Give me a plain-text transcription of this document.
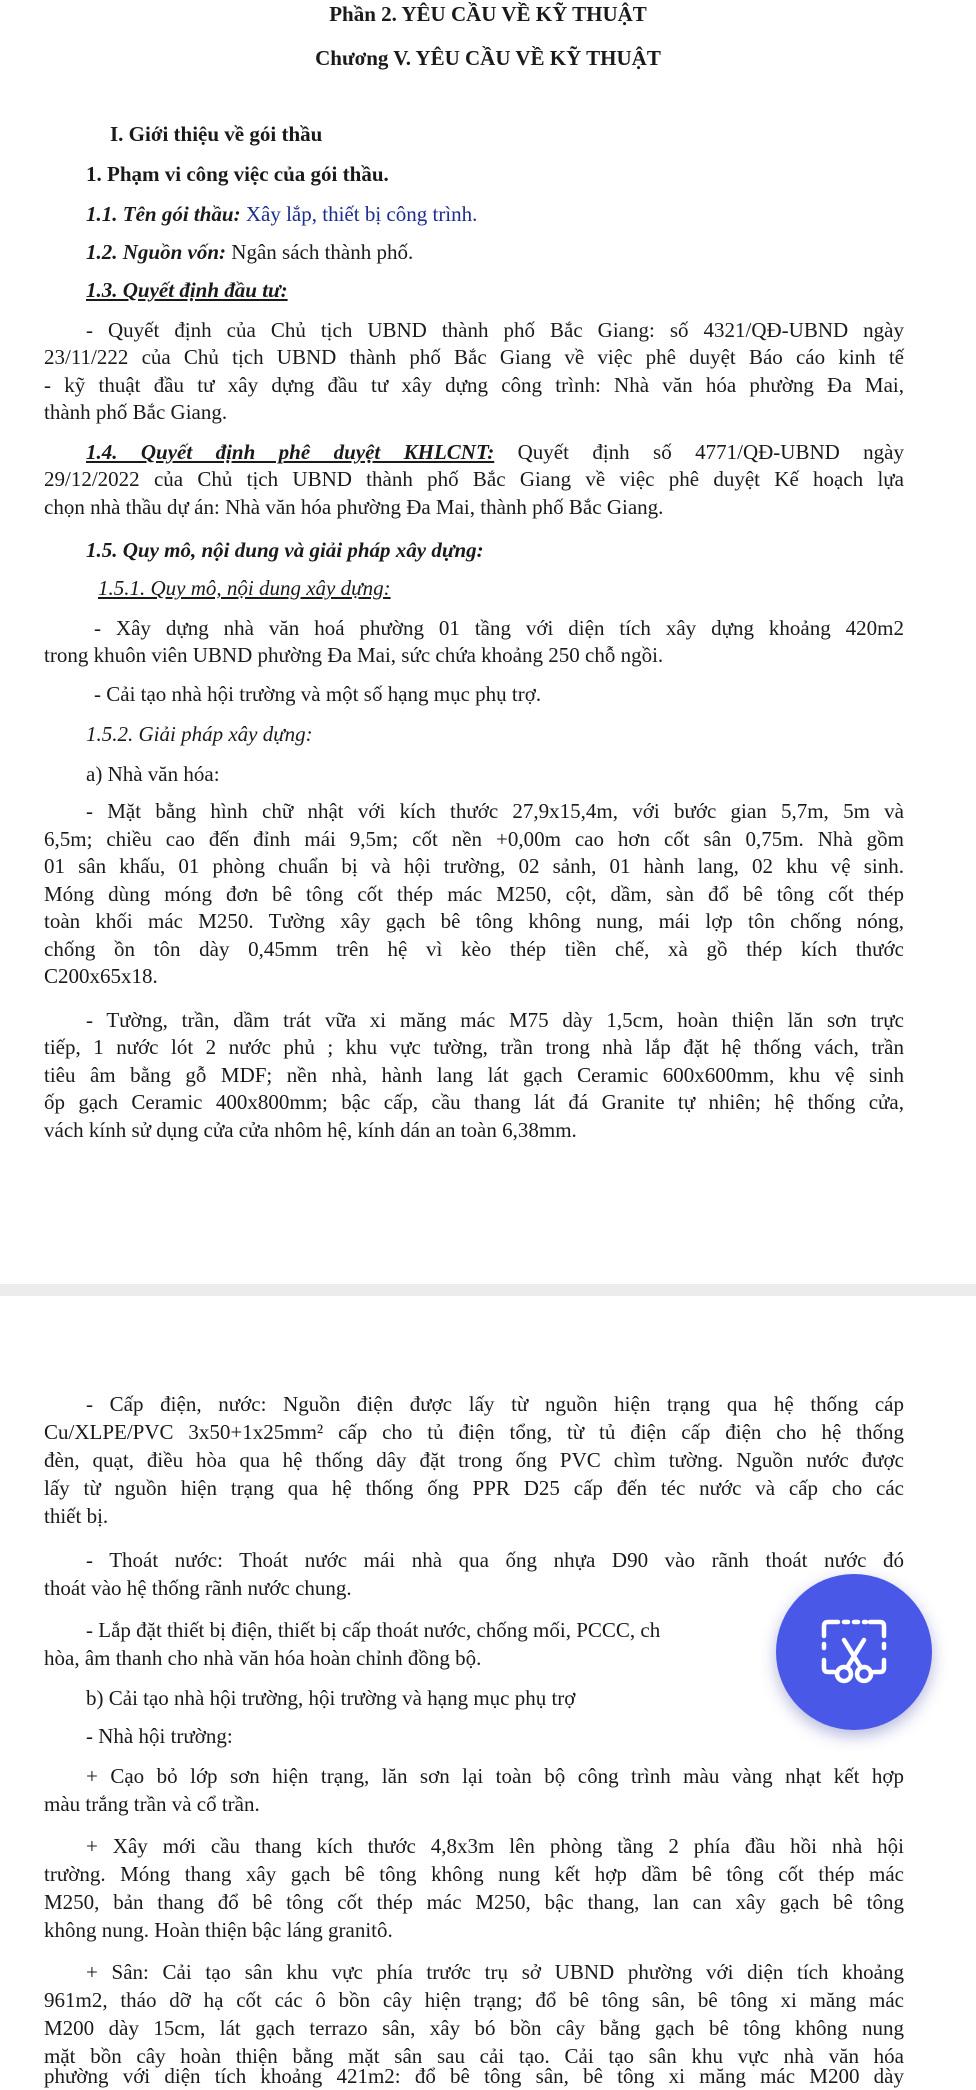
Phần 2. YÊU CẦU VỀ KỸ THUẬT
Chương V. YÊU CẦU VỀ KỸ THUẬT
I. Giới thiệu về gói thầu
1. Phạm vi công việc của gói thầu.
1.1. Tên gói thầu: Xây lắp, thiết bị công trình.
1.2. Nguồn vốn: Ngân sách thành phố.
1.3. Quyết định đầu tư:
- Quyết định của Chủ tịch UBND thành phố Bắc Giang: số 4321/QĐ-UBND ngày
23/11/222 của Chủ tịch UBND thành phố Bắc Giang về việc phê duyệt Báo cáo kinh tế
- kỹ thuật đầu tư xây dựng đầu tư xây dựng công trình: Nhà văn hóa phường Đa Mai,
thành phố Bắc Giang.
1.4. Quyết định phê duyệt KHLCNT: Quyết định số 4771/QĐ-UBND ngày
29/12/2022 của Chủ tịch UBND thành phố Bắc Giang về việc phê duyệt Kế hoạch lựa
chọn nhà thầu dự án: Nhà văn hóa phường Đa Mai, thành phố Bắc Giang.
1.5. Quy mô, nội dung và giải pháp xây dựng:
1.5.1. Quy mô, nội dung xây dựng:
- Xây dựng nhà văn hoá phường 01 tầng với diện tích xây dựng khoảng 420m2
trong khuôn viên UBND phường Đa Mai, sức chứa khoảng 250 chỗ ngồi.
- Cải tạo nhà hội trường và một số hạng mục phụ trợ.
1.5.2. Giải pháp xây dựng:
a) Nhà văn hóa:
- Mặt bằng hình chữ nhật với kích thước 27,9x15,4m, với bước gian 5,7m, 5m và
6,5m; chiều cao đến đỉnh mái 9,5m; cốt nền +0,00m cao hơn cốt sân 0,75m. Nhà gồm
01 sân khấu, 01 phòng chuẩn bị và hội trường, 02 sảnh, 01 hành lang, 02 khu vệ sinh.
Móng dùng móng đơn bê tông cốt thép mác M250, cột, dầm, sàn đổ bê tông cốt thép
toàn khối mác M250. Tường xây gạch bê tông không nung, mái lợp tôn chống nóng,
chống ồn tôn dày 0,45mm trên hệ vì kèo thép tiền chế, xà gồ thép kích thước
C200x65x18.
- Tường, trần, dầm trát vữa xi măng mác M75 dày 1,5cm, hoàn thiện lăn sơn trực
tiếp, 1 nước lót 2 nước phủ ; khu vực tường, trần trong nhà lắp đặt hệ thống vách, trần
tiêu âm bằng gỗ MDF; nền nhà, hành lang lát gạch Ceramic 600x600mm, khu vệ sinh
ốp gạch Ceramic 400x800mm; bậc cấp, cầu thang lát đá Granite tự nhiên; hệ thống cửa,
vách kính sử dụng cửa cửa nhôm hệ, kính dán an toàn 6,38mm.
- Cấp điện, nước: Nguồn điện được lấy từ nguồn hiện trạng qua hệ thống cáp
Cu/XLPE/PVC 3x50+1x25mm² cấp cho tủ điện tổng, từ tủ điện cấp điện cho hệ thống
đèn, quạt, điều hòa qua hệ thống dây đặt trong ống PVC chìm tường. Nguồn nước được
lấy từ nguồn hiện trạng qua hệ thống ống PPR D25 cấp đến téc nước và cấp cho các
thiết bị.
- Thoát nước: Thoát nước mái nhà qua ống nhựa D90 vào rãnh thoát nước đó
thoát vào hệ thống rãnh nước chung.
- Lắp đặt thiết bị điện, thiết bị cấp thoát nước, chống mối, PCCC, ch
hòa, âm thanh cho nhà văn hóa hoàn chỉnh đồng bộ.
b) Cải tạo nhà hội trường, hội trường và hạng mục phụ trợ
- Nhà hội trường:
+ Cạo bỏ lớp sơn hiện trạng, lăn sơn lại toàn bộ công trình màu vàng nhạt kết hợp
màu trắng trần và cổ trần.
+ Xây mới cầu thang kích thước 4,8x3m lên phòng tầng 2 phía đầu hồi nhà hội
trường. Móng thang xây gạch bê tông không nung kết hợp dầm bê tông cốt thép mác
M250, bản thang đổ bê tông cốt thép mác M250, bậc thang, lan can xây gạch bê tông
không nung. Hoàn thiện bậc láng granitô.
+ Sân: Cải tạo sân khu vực phía trước trụ sở UBND phường với diện tích khoảng
961m2, tháo dỡ hạ cốt các ô bồn cây hiện trạng; đổ bê tông sân, bê tông xi măng mác
M200 dày 15cm, lát gạch terrazo sân, xây bó bồn cây bằng gạch bê tông không nung
mặt bồn cây hoàn thiện bằng mặt sân sau cải tạo. Cải tạo sân khu vực nhà văn hóa
phường với diện tích khoảng 421m2: đổ bê tông sân, bê tông xi măng mác M200 dày
